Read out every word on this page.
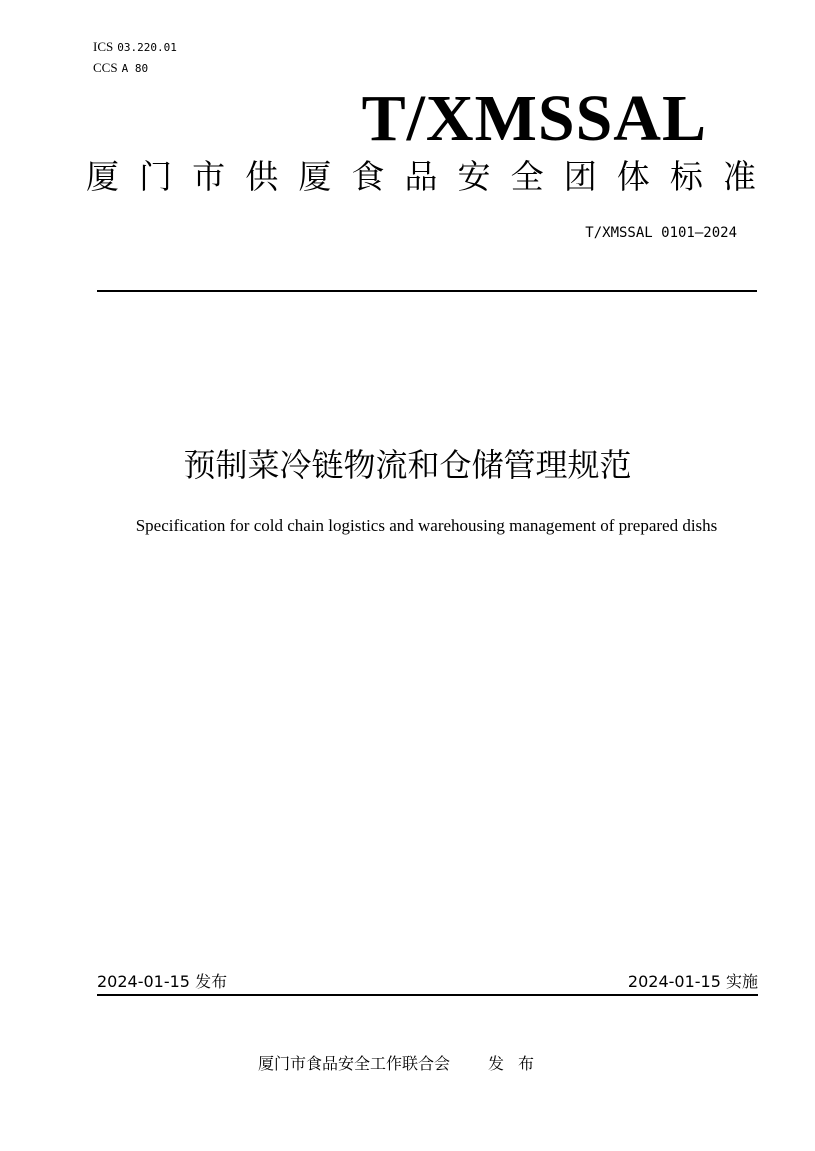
ICS 03.220.01
CCS A 80
T/XMSSAL
厦 门 市 供 厦 食 品 安 全 团 体 标 准
T/XMSSAL 0101—2024
预制菜冷链物流和仓储管理规范
Specification for cold chain logistics and warehousing management of prepared dishs
2024-01-15 发布	2024-01-15 实施
厦门市食品安全工作联合会 发布
